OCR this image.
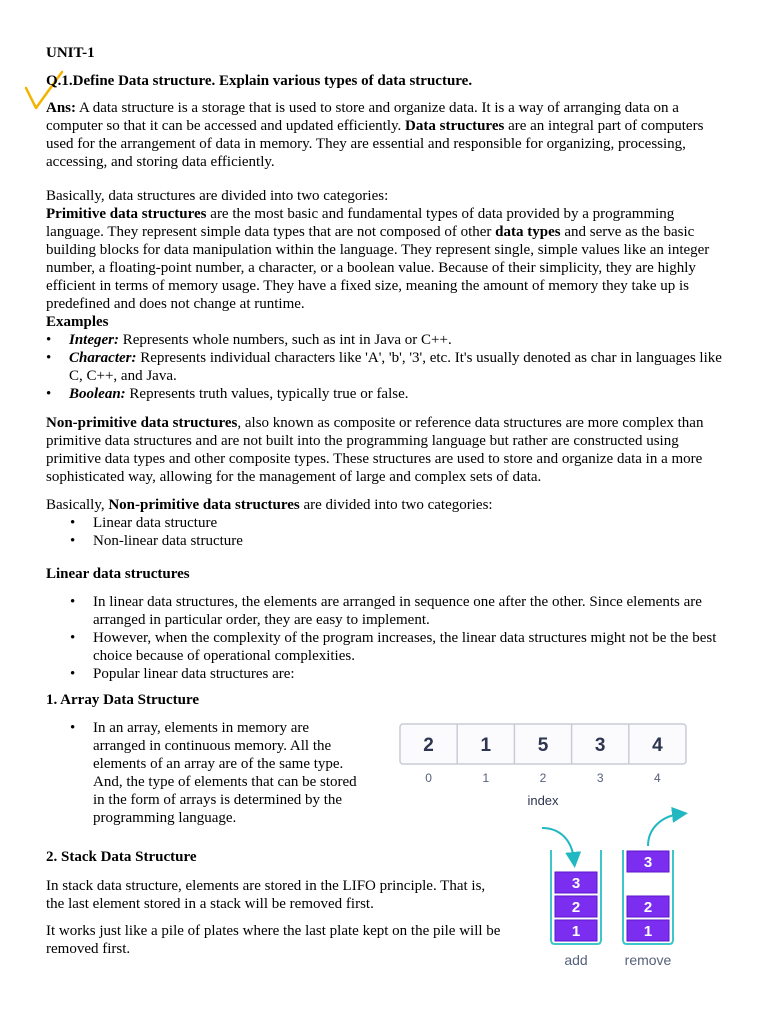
UNIT-1
Q.1.Define Data structure. Explain various types of data structure.

Ans: A data structure is a storage that is used to store and organize data. It is a way of arranging data on a computer so that it can be accessed and updated efficiently. Data structures are an integral part of computers used for the arrangement of data in memory. They are essential and responsible for organizing, processing, accessing, and storing data efficiently.

Basically, data structures are divided into two categories:

Primitive data structures are the most basic and fundamental types of data provided by a programming language. They represent simple data types that are not composed of other data types and serve as the basic building blocks for data manipulation within the language. They represent single, simple values like an integer number, a floating-point number, a character, or a boolean value. Because of their simplicity, they are highly efficient in terms of memory usage. They have a fixed size, meaning the amount of memory they take up is predefined and does not change at runtime.

Examples
• Integer: Represents whole numbers, such as int in Java or C++.
• Character: Represents individual characters like 'A', 'b', '3', etc. It's usually denoted as char in languages like C, C++, and Java.
• Boolean: Represents truth values, typically true or false.

Non-primitive data structures, also known as composite or reference data structures are more complex than primitive data structures and are not built into the programming language but rather are constructed using primitive data types and other composite types. These structures are used to store and organize data in a more sophisticated way, allowing for the management of large and complex sets of data.

Basically, Non-primitive data structures are divided into two categories:

• Linear data structure
• Non-linear data structure
Linear data structures
• In linear data structures, the elements are arranged in sequence one after the other. Since elements are arranged in particular order, they are easy to implement.
• However, when the complexity of the program increases, the linear data structures might not be the best choice because of operational complexities.
• Popular linear data structures are:
1. Array Data Structure
• In an array, elements in memory are arranged in continuous memory. All the elements of an array are of the same type. And, the type of elements that can be stored in the form of arrays is determined by the programming language.
2
0
1
1
5
2
3
3
4
4
index
2. Stack Data Structure

In stack data structure, elements are stored in the LIFO principle. That is, the last element stored in a stack will be removed first.

It works just like a pile of plates where the last plate kept on the pile will be removed first.

3
2
1
2
1
3
add	remove
